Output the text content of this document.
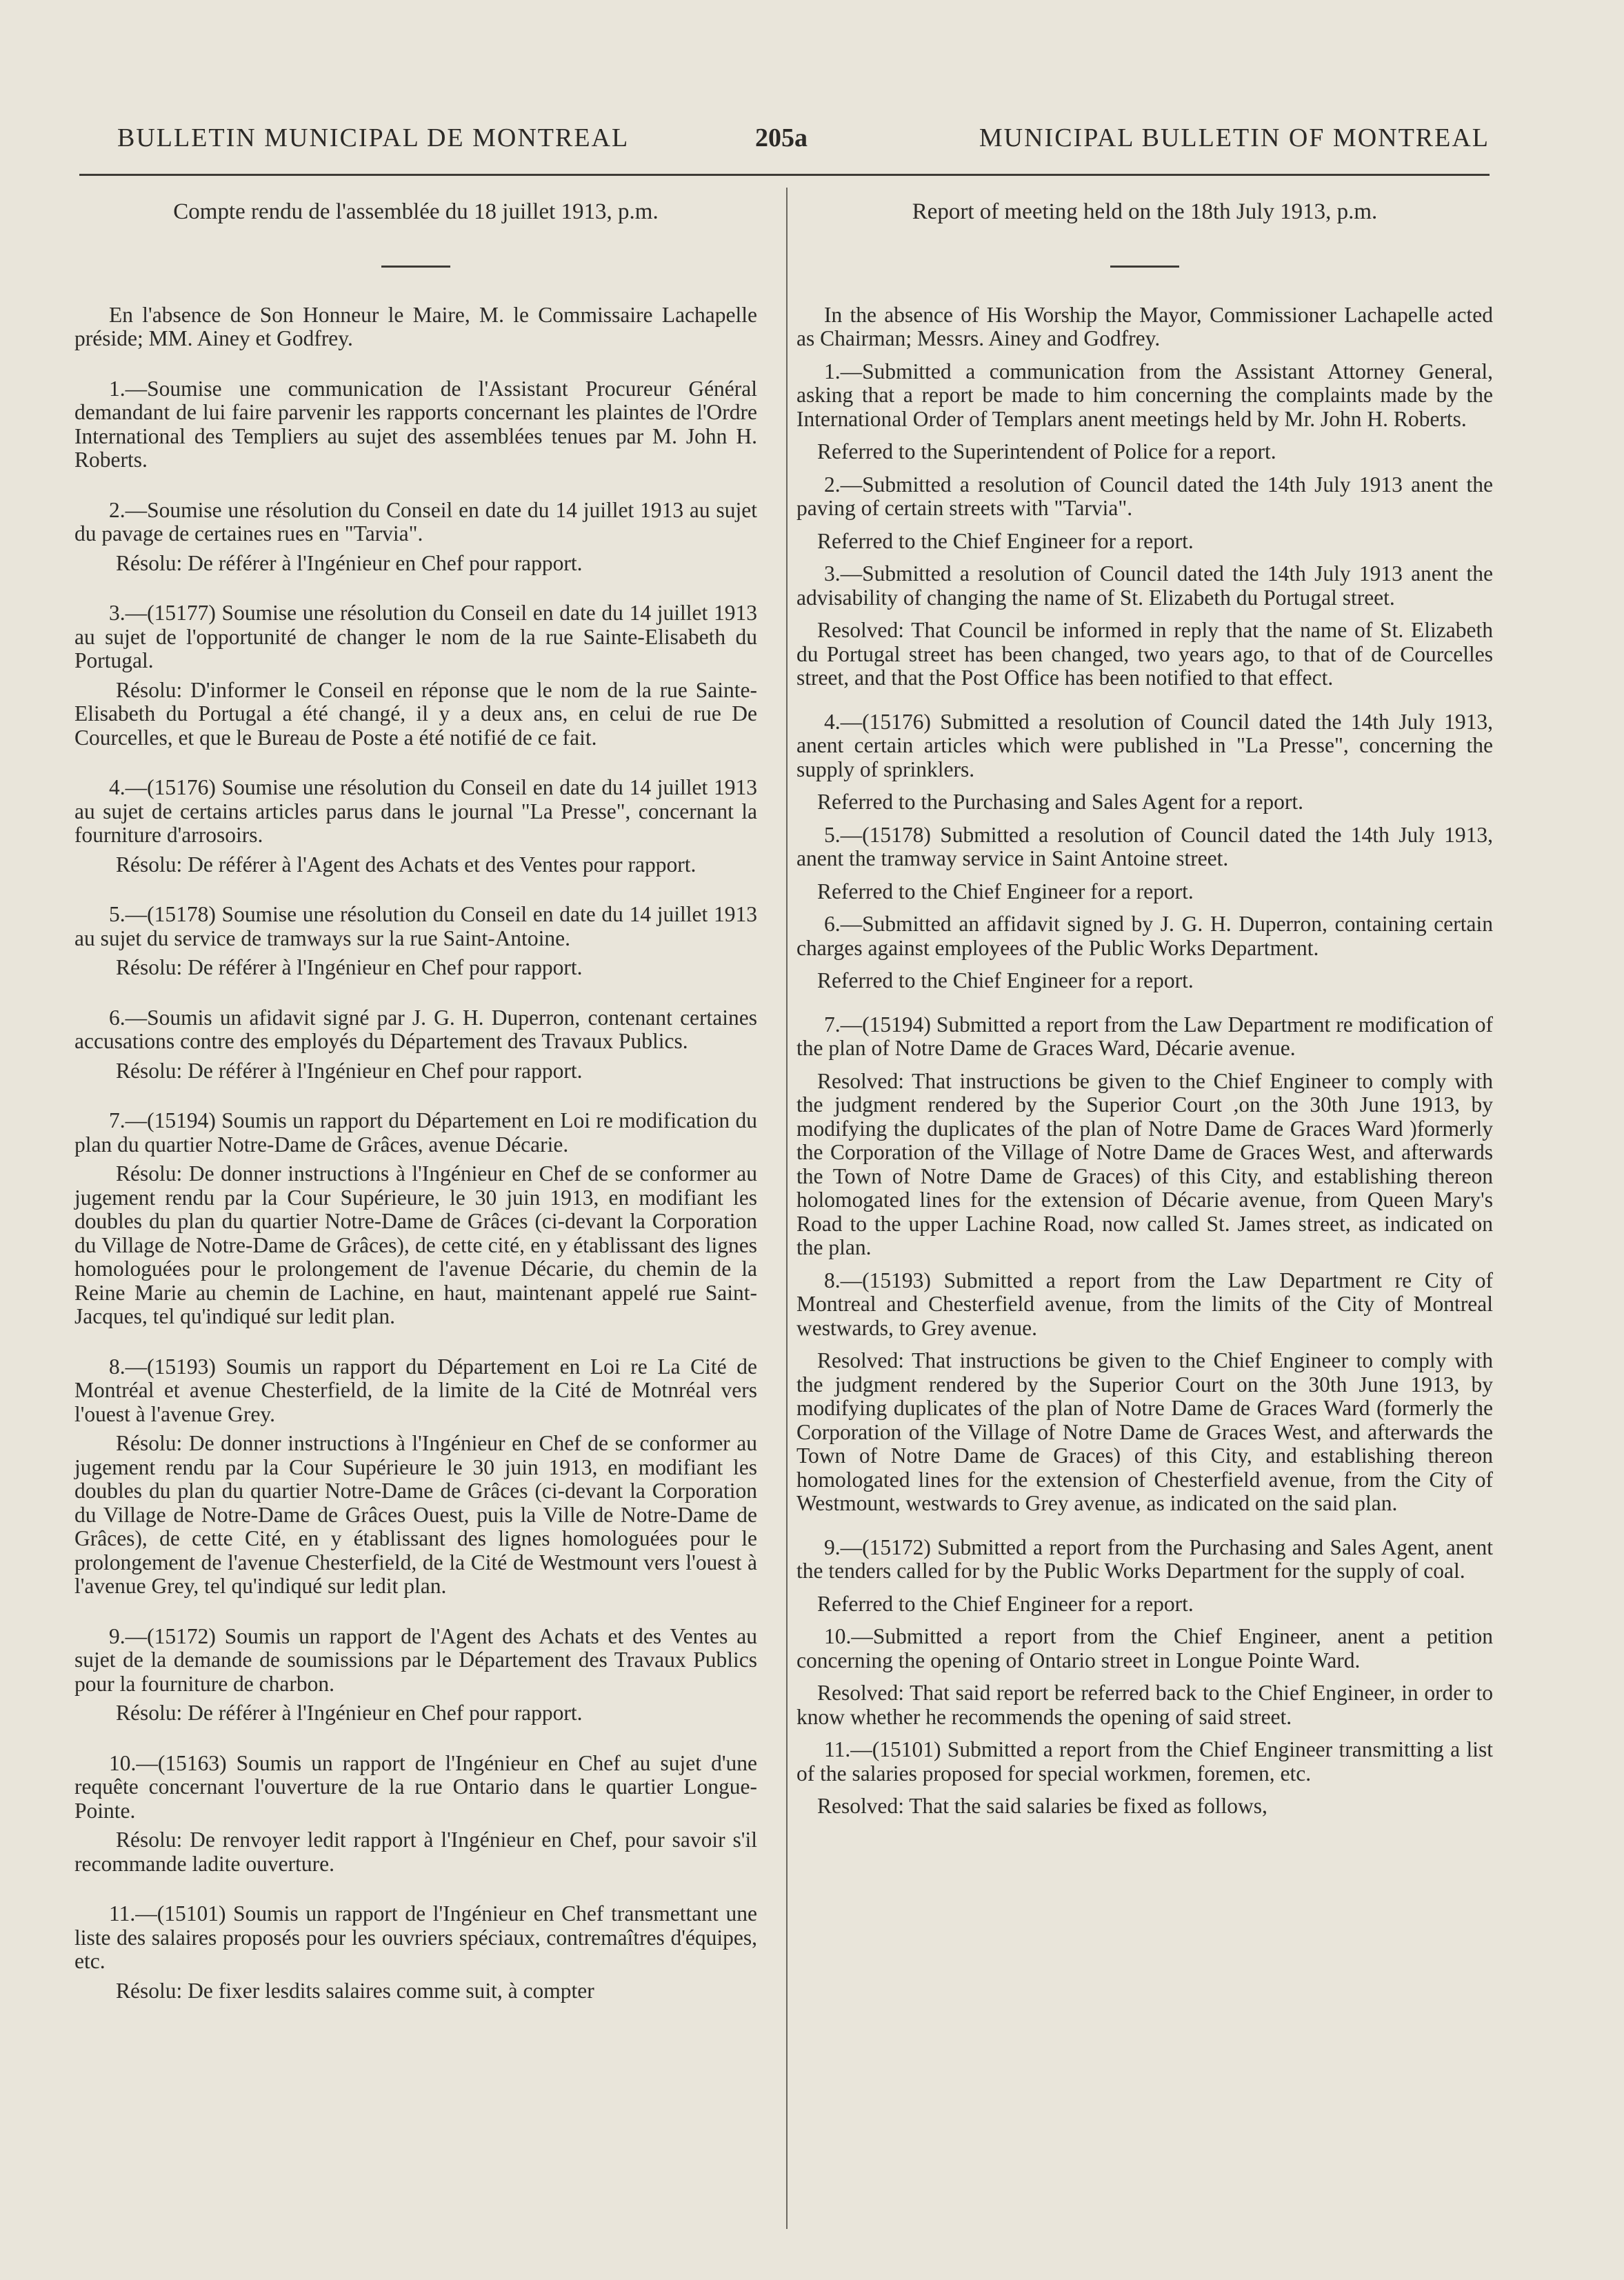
BULLETIN MUNICIPAL DE MONTREAL	205a	MUNICIPAL BULLETIN OF MONTREAL
Compte rendu de l'assemblée du 18 juillet 1913, p.m.

En l'absence de Son Honneur le Maire, M. le Commissaire Lachapelle préside; MM. Ainey et Godfrey.

1.—Soumise une communication de l'Assistant Procureur Général demandant de lui faire parvenir les rapports concernant les plaintes de l'Ordre International des Templiers au sujet des assemblées tenues par M. John H. Roberts.

2.—Soumise une résolution du Conseil en date du 14 juillet 1913 au sujet du pavage de certaines rues en "Tarvia".

Résolu: De référer à l'Ingénieur en Chef pour rapport.

3.—(15177) Soumise une résolution du Conseil en date du 14 juillet 1913 au sujet de l'opportunité de changer le nom de la rue Sainte-Elisabeth du Portugal.

Résolu: D'informer le Conseil en réponse que le nom de la rue Sainte-Elisabeth du Portugal a été changé, il y a deux ans, en celui de rue De Courcelles, et que le Bureau de Poste a été notifié de ce fait.

4.—(15176) Soumise une résolution du Conseil en date du 14 juillet 1913 au sujet de certains articles parus dans le journal "La Presse", concernant la fourniture d'arrosoirs.

Résolu: De référer à l'Agent des Achats et des Ventes pour rapport.

5.—(15178) Soumise une résolution du Conseil en date du 14 juillet 1913 au sujet du service de tramways sur la rue Saint-Antoine.

Résolu: De référer à l'Ingénieur en Chef pour rapport.

6.—Soumis un afidavit signé par J. G. H. Duperron, contenant certaines accusations contre des employés du Département des Travaux Publics.

Résolu: De référer à l'Ingénieur en Chef pour rapport.

7.—(15194) Soumis un rapport du Département en Loi re modification du plan du quartier Notre-Dame de Grâces, avenue Décarie.

Résolu: De donner instructions à l'Ingénieur en Chef de se conformer au jugement rendu par la Cour Supérieure, le 30 juin 1913, en modifiant les doubles du plan du quartier Notre-Dame de Grâces (ci-devant la Corporation du Village de Notre-Dame de Grâces), de cette cité, en y établissant des lignes homologuées pour le prolongement de l'avenue Décarie, du chemin de la Reine Marie au chemin de Lachine, en haut, maintenant appelé rue Saint-Jacques, tel qu'indiqué sur ledit plan.

8.—(15193) Soumis un rapport du Département en Loi re La Cité de Montréal et avenue Chesterfield, de la limite de la Cité de Motnréal vers l'ouest à l'avenue Grey.

Résolu: De donner instructions à l'Ingénieur en Chef de se conformer au jugement rendu par la Cour Supérieure le 30 juin 1913, en modifiant les doubles du plan du quartier Notre-Dame de Grâces (ci-devant la Corporation du Village de Notre-Dame de Grâces Ouest, puis la Ville de Notre-Dame de Grâces), de cette Cité, en y établissant des lignes homologuées pour le prolongement de l'avenue Chesterfield, de la Cité de Westmount vers l'ouest à l'avenue Grey, tel qu'indiqué sur ledit plan.

9.—(15172) Soumis un rapport de l'Agent des Achats et des Ventes au sujet de la demande de soumissions par le Département des Travaux Publics pour la fourniture de charbon.

Résolu: De référer à l'Ingénieur en Chef pour rapport.

10.—(15163) Soumis un rapport de l'Ingénieur en Chef au sujet d'une requête concernant l'ouverture de la rue Ontario dans le quartier Longue-Pointe.

Résolu: De renvoyer ledit rapport à l'Ingénieur en Chef, pour savoir s'il recommande ladite ouverture.

11.—(15101) Soumis un rapport de l'Ingénieur en Chef transmettant une liste des salaires proposés pour les ouvriers spéciaux, contremaîtres d'équipes, etc.

Résolu: De fixer lesdits salaires comme suit, à compter

Report of meeting held on the 18th July 1913, p.m.

In the absence of His Worship the Mayor, Commissioner Lachapelle acted as Chairman; Messrs. Ainey and Godfrey.

1.—Submitted a communication from the Assistant Attorney General, asking that a report be made to him concerning the complaints made by the International Order of Templars anent meetings held by Mr. John H. Roberts.

Referred to the Superintendent of Police for a report.

2.—Submitted a resolution of Council dated the 14th July 1913 anent the paving of certain streets with "Tarvia".

Referred to the Chief Engineer for a report.

3.—Submitted a resolution of Council dated the 14th July 1913 anent the advisability of changing the name of St. Elizabeth du Portugal street.

Resolved: That Council be informed in reply that the name of St. Elizabeth du Portugal street has been changed, two years ago, to that of de Courcelles street, and that the Post Office has been notified to that effect.

4.—(15176) Submitted a resolution of Council dated the 14th July 1913, anent certain articles which were published in "La Presse", concerning the supply of sprinklers.

Referred to the Purchasing and Sales Agent for a report.

5.—(15178) Submitted a resolution of Council dated the 14th July 1913, anent the tramway service in Saint Antoine street.

Referred to the Chief Engineer for a report.

6.—Submitted an affidavit signed by J. G. H. Duperron, containing certain charges against employees of the Public Works Department.

Referred to the Chief Engineer for a report.

7.—(15194) Submitted a report from the Law Department re modification of the plan of Notre Dame de Graces Ward, Décarie avenue.

Resolved: That instructions be given to the Chief Engineer to comply with the judgment rendered by the Superior Court ,on the 30th June 1913, by modifying the duplicates of the plan of Notre Dame de Graces Ward )formerly the Corporation of the Village of Notre Dame de Graces West, and afterwards the Town of Notre Dame de Graces) of this City, and establishing thereon holomogated lines for the extension of Décarie avenue, from Queen Mary's Road to the upper Lachine Road, now called St. James street, as indicated on the plan.

8.—(15193) Submitted a report from the Law Department re City of Montreal and Chesterfield avenue, from the limits of the City of Montreal westwards, to Grey avenue.

Resolved: That instructions be given to the Chief Engineer to comply with the judgment rendered by the Superior Court on the 30th June 1913, by modifying duplicates of the plan of Notre Dame de Graces Ward (formerly the Corporation of the Village of Notre Dame de Graces West, and afterwards the Town of Notre Dame de Graces) of this City, and establishing thereon homologated lines for the extension of Chesterfield avenue, from the City of Westmount, westwards to Grey avenue, as indicated on the said plan.

9.—(15172) Submitted a report from the Purchasing and Sales Agent, anent the tenders called for by the Public Works Department for the supply of coal.

Referred to the Chief Engineer for a report.

10.—Submitted a report from the Chief Engineer, anent a petition concerning the opening of Ontario street in Longue Pointe Ward.

Resolved: That said report be referred back to the Chief Engineer, in order to know whether he recommends the opening of said street.

11.—(15101) Submitted a report from the Chief Engineer transmitting a list of the salaries proposed for special workmen, foremen, etc.

Resolved: That the said salaries be fixed as follows,
